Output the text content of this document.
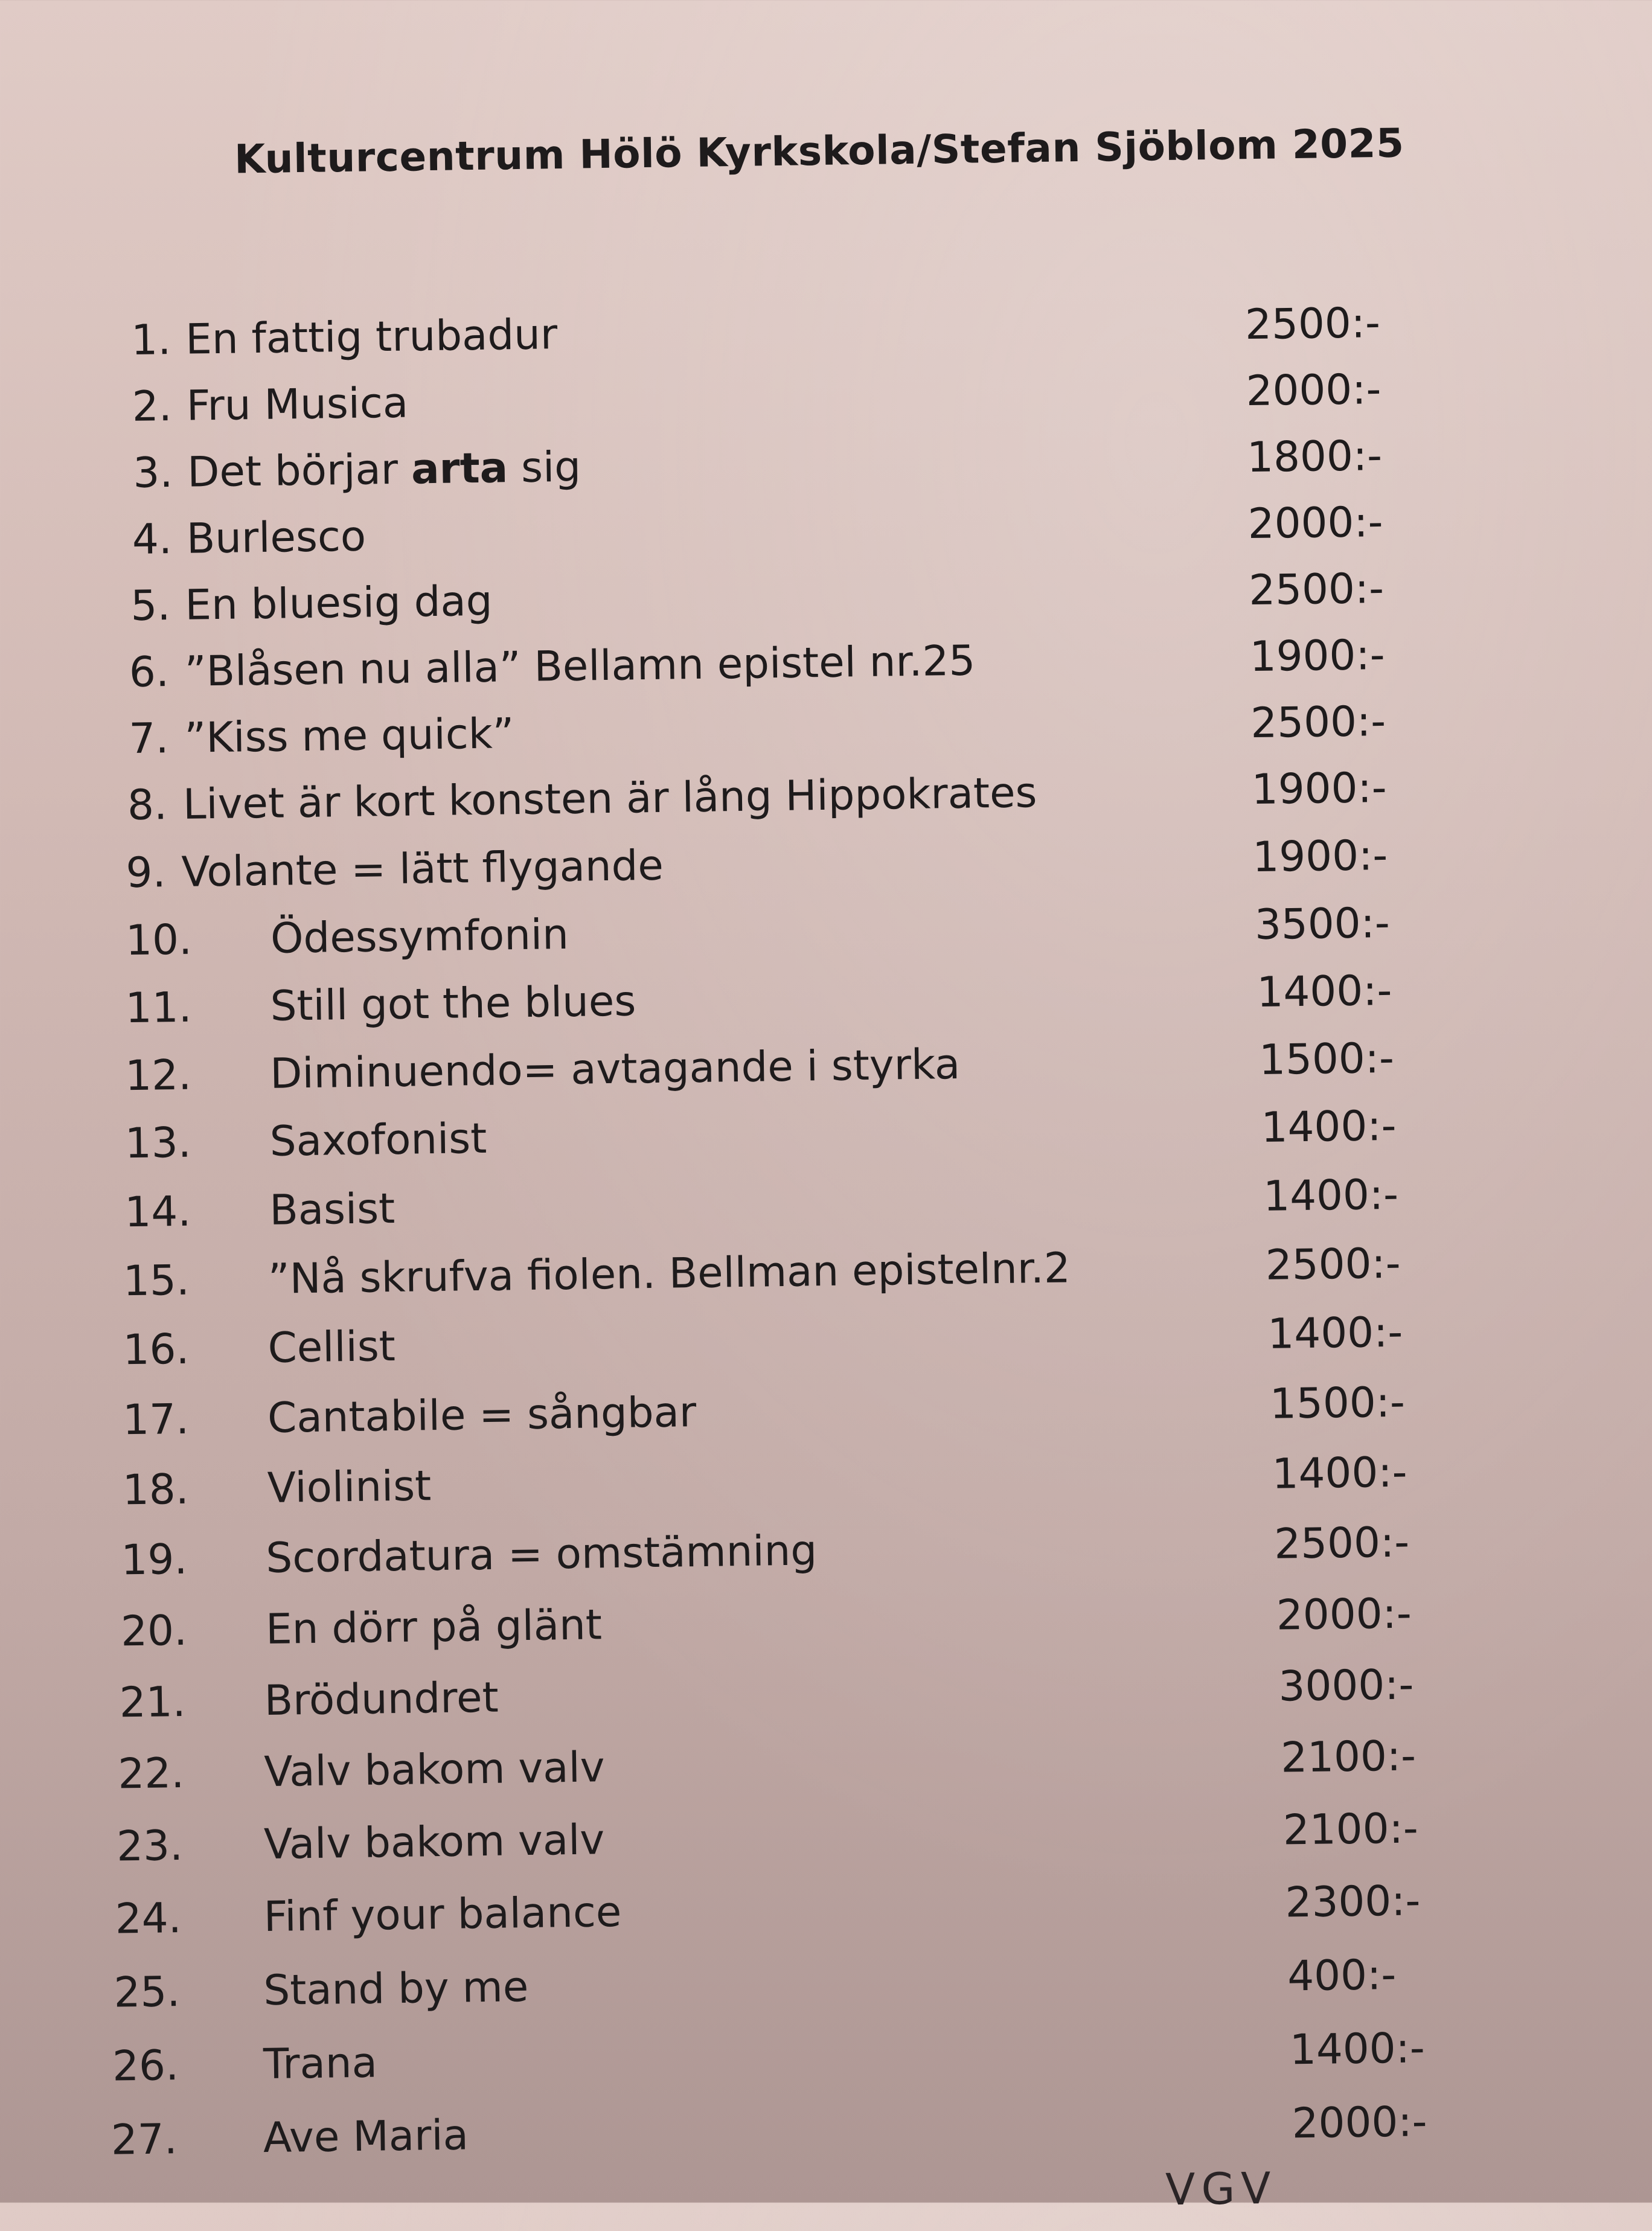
Kulturcentrum Hölö Kyrkskola/Stefan Sjöblom 2025
1. En fattig trubadur	2500:-
2. Fru Musica	2000:-
3. Det börjar arta sig	1800:-
4. Burlesco	2000:-
5. En bluesig dag	2500:-
6. ”Blåsen nu alla” Bellamn epistel nr.25	1900:-
7. ”Kiss me quick”	2500:-
8. Livet är kort konsten är lång Hippokrates	1900:-
9. Volante = lätt flygande	1900:-
10. Ödessymfonin	3500:-
11. Still got the blues	1400:-
12. Diminuendo= avtagande i styrka	1500:-
13. Saxofonist	1400:-
14. Basist	1400:-
15. ”Nå skrufva fiolen. Bellman epistelnr.2	2500:-
16. Cellist	1400:-
17. Cantabile = sångbar	1500:-
18. Violinist	1400:-
19. Scordatura = omstämning	2500:-
20. En dörr på glänt	2000:-
21. Brödundret	3000:-
22. Valv bakom valv	2100:-
23. Valv bakom valv	2100:-
24. Finf your balance	2300:-
25. Stand by me	400:-
26. Trana	1400:-
27. Ave Maria	2000:-
VGV
